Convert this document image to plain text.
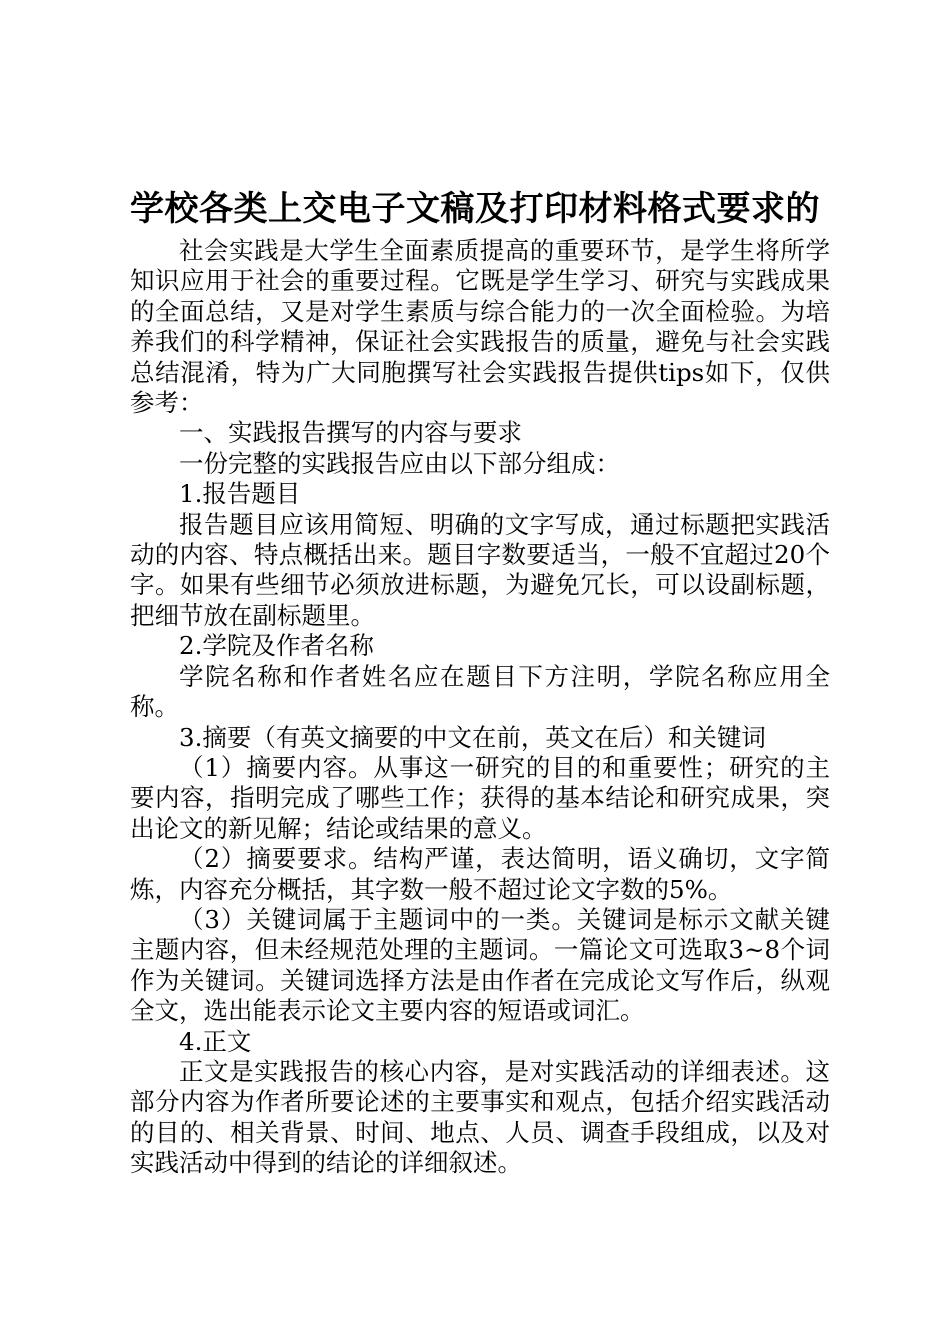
学校各类上交电子文稿及打印材料格式要求的

社会实践是大学生全面素质提高的重要环节，是学生将所学知识应用于社会的重要过程。它既是学生学习、研究与实践成果的全面总结，又是对学生素质与综合能力的一次全面检验。为培养我们的科学精神，保证社会实践报告的质量，避免与社会实践总结混淆，特为广大同胞撰写社会实践报告提供tips如下，仅供参考：

一、实践报告撰写的内容与要求

一份完整的实践报告应由以下部分组成：

1.报告题目

报告题目应该用简短、明确的文字写成，通过标题把实践活动的内容、特点概括出来。题目字数要适当，一般不宜超过20个字。如果有些细节必须放进标题，为避免冗长，可以设副标题，把细节放在副标题里。

2.学院及作者名称

学院名称和作者姓名应在题目下方注明，学院名称应用全称。

3.摘要（有英文摘要的中文在前，英文在后）和关键词

（1）摘要内容。从事这一研究的目的和重要性；研究的主要内容，指明完成了哪些工作；获得的基本结论和研究成果，突出论文的新见解；结论或结果的意义。

（2）摘要要求。结构严谨，表达简明，语义确切，文字简炼，内容充分概括，其字数一般不超过论文字数的5%。

（3）关键词属于主题词中的一类。关键词是标示文献关键主题内容，但未经规范处理的主题词。一篇论文可选取3~8个词作为关键词。关键词选择方法是由作者在完成论文写作后，纵观全文，选出能表示论文主要内容的短语或词汇。

4.正文

正文是实践报告的核心内容，是对实践活动的详细表述。这部分内容为作者所要论述的主要事实和观点，包括介绍实践活动的目的、相关背景、时间、地点、人员、调查手段组成，以及对实践活动中得到的结论的详细叙述。
